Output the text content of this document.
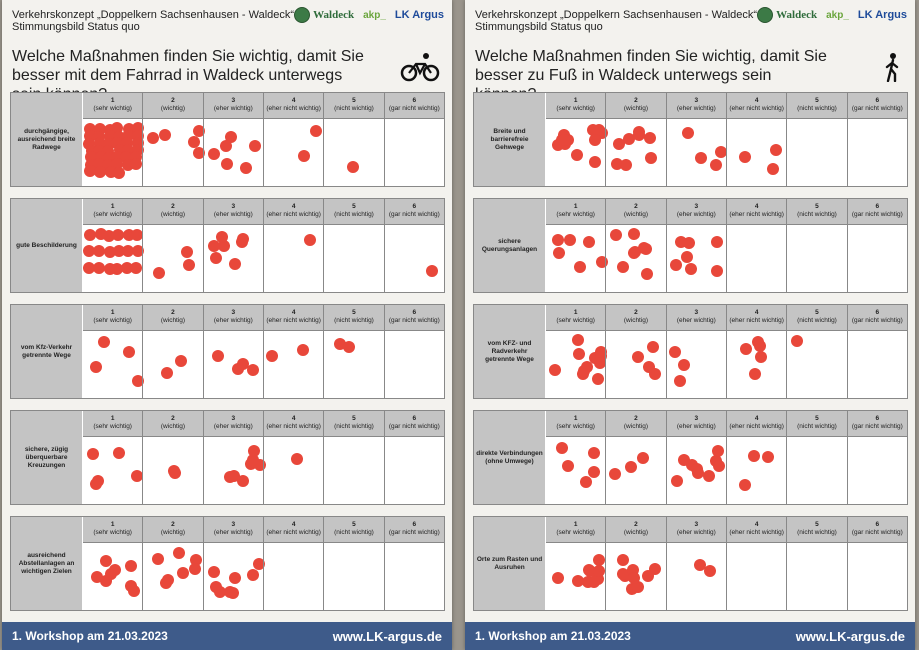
Verkehrskonzept „Doppelkern Sachsenhausen - Waldeck“
Stimmungsbild Status quo
Waldeck akp_ LK Argus
Welche Maßnahmen finden Sie wichtig, damit Sie besser mit dem Fahrrad in Waldeck unterwegs
durchgängige, ausreichend breite Radwege
1
(sehr wichtig)
2
(wichtig)
3
(eher wichtig)
4
(eher nicht wichtig)
5
(nicht wichtig)
6
(gar nicht wichtig)
gute Beschilderung
1
(sehr wichtig)
2
(wichtig)
3
(eher wichtig)
4
(eher nicht wichtig)
5
(nicht wichtig)
6
(gar nicht wichtig)
vom Kfz-Verkehr getrennte Wege
1
(sehr wichtig)
2
(wichtig)
3
(eher wichtig)
4
(eher nicht wichtig)
5
(nicht wichtig)
6
(gar nicht wichtig)
sichere, zügig überquerbare Kreuzungen
1
(sehr wichtig)
2
(wichtig)
3
(eher wichtig)
4
(eher nicht wichtig)
5
(nicht wichtig)
6
(gar nicht wichtig)
ausreichend Abstellanlagen an wichtigen Zielen
1
(sehr wichtig)
2
(wichtig)
3
(eher wichtig)
4
(eher nicht wichtig)
5
(nicht wichtig)
6
(gar nicht wichtig)
1. Workshop am 21.03.2023	www.LK-argus.de
Verkehrskonzept „Doppelkern Sachsenhausen - Waldeck“
Stimmungsbild Status quo
Waldeck akp_ LK Argus
Welche Maßnahmen finden Sie wichtig, damit Sie besser zu Fuß in Waldeck unterwegs sein
Breite und barrierefreie Gehwege
1
(sehr wichtig)
2
(wichtig)
3
(eher wichtig)
4
(eher nicht wichtig)
5
(nicht wichtig)
6
(gar nicht wichtig)
sichere Querungsanlagen
1
(sehr wichtig)
2
(wichtig)
3
(eher wichtig)
4
(eher nicht wichtig)
5
(nicht wichtig)
6
(gar nicht wichtig)
vom KFZ- und Radverkehr getrennte Wege
1
(sehr wichtig)
2
(wichtig)
3
(eher wichtig)
4
(eher nicht wichtig)
5
(nicht wichtig)
6
(gar nicht wichtig)
direkte Verbindungen (ohne Umwege)
1
(sehr wichtig)
2
(wichtig)
3
(eher wichtig)
4
(eher nicht wichtig)
5
(nicht wichtig)
6
(gar nicht wichtig)
Orte zum Rasten und Ausruhen
1
(sehr wichtig)
2
(wichtig)
3
(eher wichtig)
4
(eher nicht wichtig)
5
(nicht wichtig)
6
(gar nicht wichtig)
1. Workshop am 21.03.2023	www.LK-argus.de
